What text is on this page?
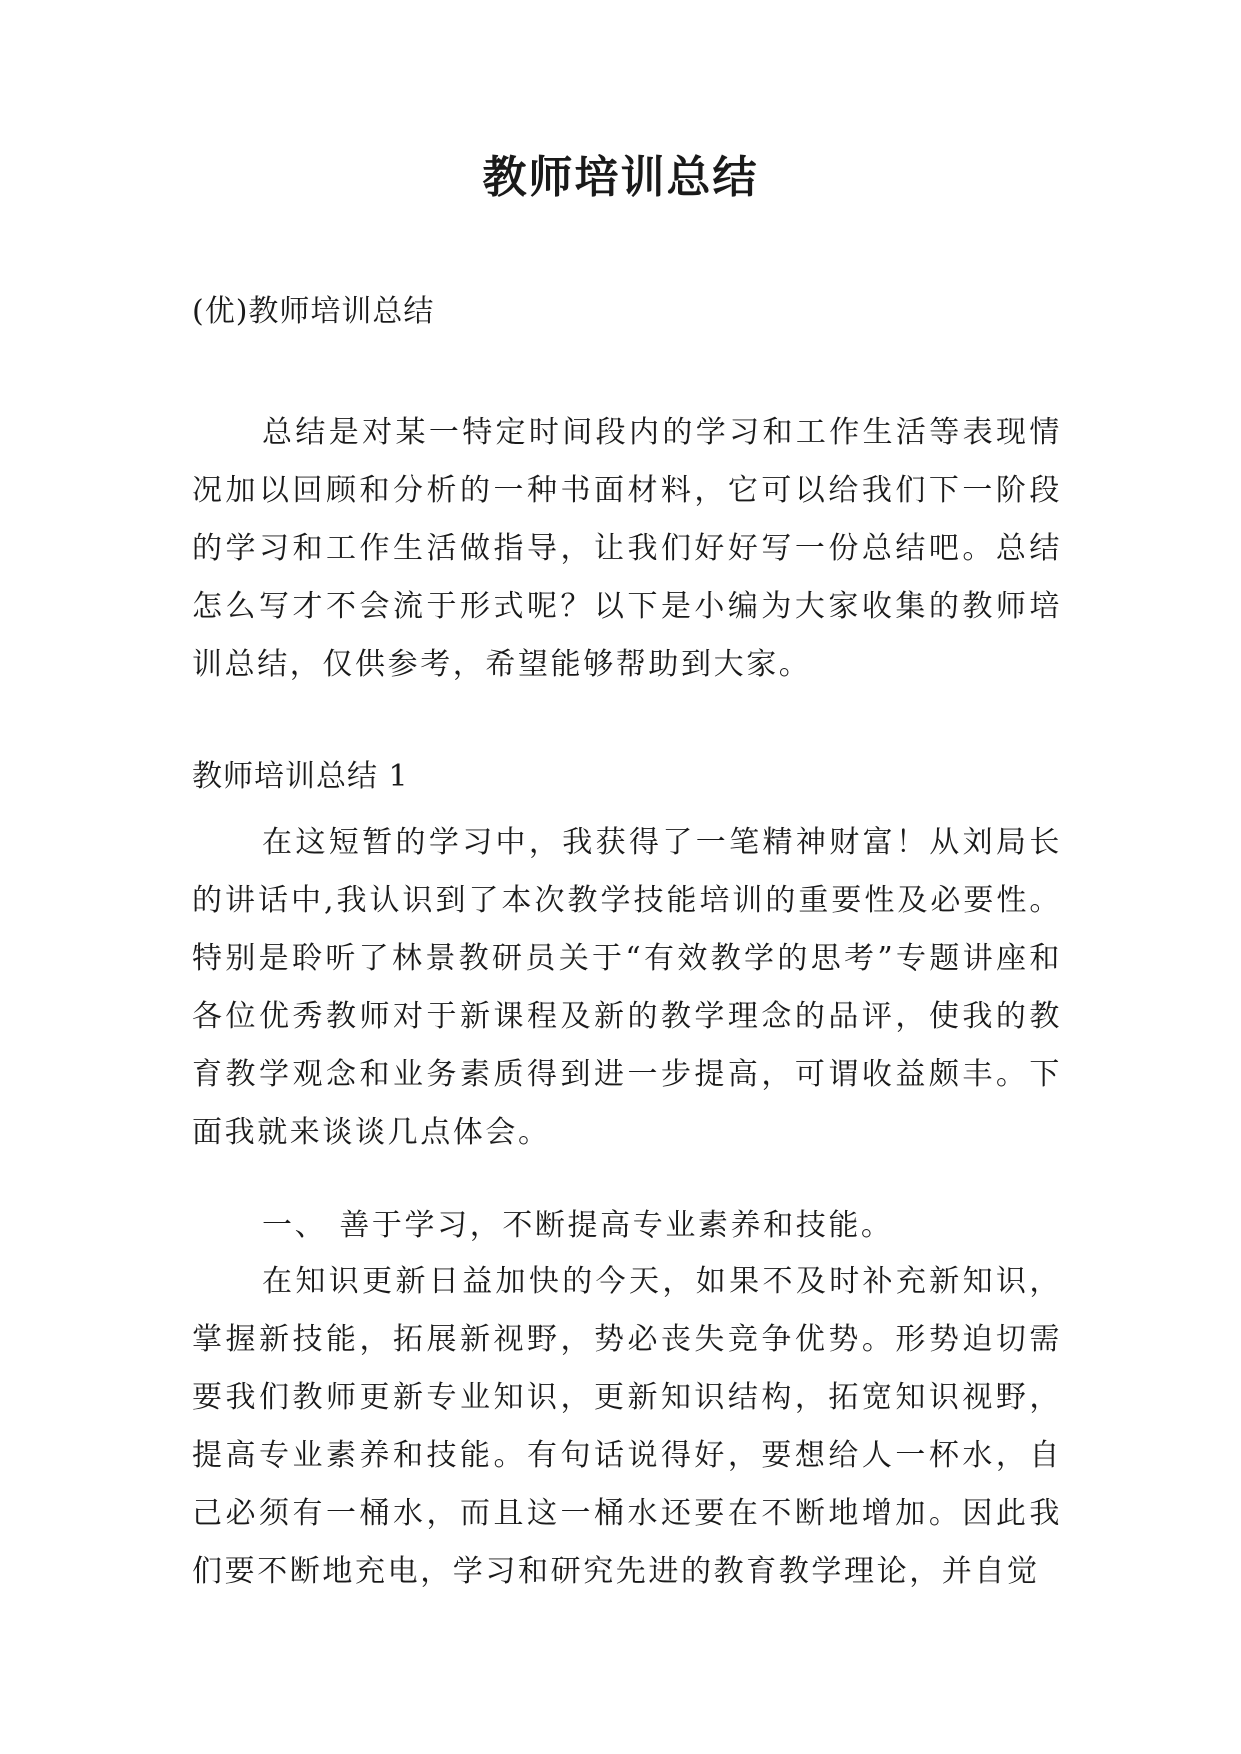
教师培训总结
(优)教师培训总结

总结是对某一特定时间段内的学习和工作生活等表现情况加以回顾和分析的一种书面材料，它可以给我们下一阶段的学习和工作生活做指导，让我们好好写一份总结吧。总结怎么写才不会流于形式呢？以下是小编为大家收集的教师培训总结，仅供参考，希望能够帮助到大家。

教师培训总结 1

在这短暂的学习中，我获得了一笔精神财富！从刘局长的讲话中,我认识到了本次教学技能培训的重要性及必要性。特别是聆听了林景教研员关于“有效教学的思考”专题讲座和各位优秀教师对于新课程及新的教学理念的品评，使我的教育教学观念和业务素质得到进一步提高，可谓收益颇丰。下面我就来谈谈几点体会。

一、 善于学习，不断提高专业素养和技能。

在知识更新日益加快的今天，如果不及时补充新知识，掌握新技能，拓展新视野，势必丧失竞争优势。形势迫切需要我们教师更新专业知识，更新知识结构，拓宽知识视野，提高专业素养和技能。有句话说得好，要想给人一杯水，自己必须有一桶水，而且这一桶水还要在不断地增加。因此我们要不断地充电，学习和研究先进的教育教学理论，并自觉
